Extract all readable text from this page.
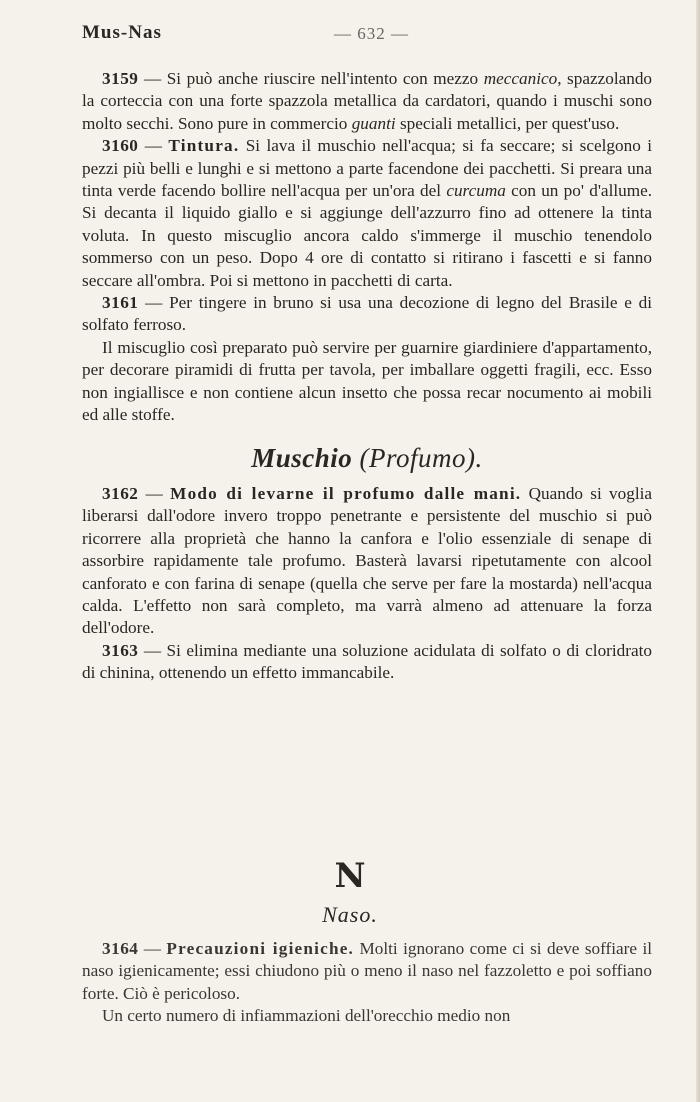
Mus-Nas	— 632 —

3159 — Si può anche riuscire nell'intento con mezzo meccanico, spazzolando la corteccia con una forte spazzola metallica da cardatori, quando i muschi sono molto secchi. Sono pure in commercio guanti speciali metallici, per quest'uso.

3160 — Tintura. Si lava il muschio nell'acqua; si fa seccare; si scelgono i pezzi più belli e lunghi e si mettono a parte facendone dei pacchetti. Si preara una tinta verde facendo bollire nell'acqua per un'ora del curcuma con un po' d'allume. Si decanta il liquido giallo e si aggiunge dell'azzurro fino ad ottenere la tinta voluta. In questo miscuglio ancora caldo s'immerge il muschio tenendolo sommerso con un peso. Dopo 4 ore di contatto si ritirano i fascetti e si fanno seccare all'ombra. Poi si mettono in pacchetti di carta.

3161 — Per tingere in bruno si usa una decozione di legno del Brasile e di solfato ferroso.

Il miscuglio così preparato può servire per guarnire giardiniere d'appartamento, per decorare piramidi di frutta per tavola, per imballare oggetti fragili, ecc. Esso non ingiallisce e non contiene alcun insetto che possa recar nocumento ai mobili ed alle stoffe.

Muschio (Profumo).

3162 — Modo di levarne il profumo dalle mani. Quando si voglia liberarsi dall'odore invero troppo penetrante e persistente del muschio si può ricorrere alla proprietà che hanno la canfora e l'olio essenziale di senape di assorbire rapidamente tale profumo. Basterà lavarsi ripetutamente con alcool canforato e con farina di senape (quella che serve per fare la mostarda) nell'acqua calda. L'effetto non sarà completo, ma varrà almeno ad attenuare la forza dell'odore.

3163 — Si elimina mediante una soluzione acidulata di solfato o di cloridrato di chinina, ottenendo un effetto immancabile.

N
Naso.

3164 — Precauzioni igieniche. Molti ignorano come ci si deve soffiare il naso igienicamente; essi chiudono più o meno il naso nel fazzoletto e poi soffiano forte. Ciò è pericoloso.

Un certo numero di infiammazioni dell'orecchio medio non
